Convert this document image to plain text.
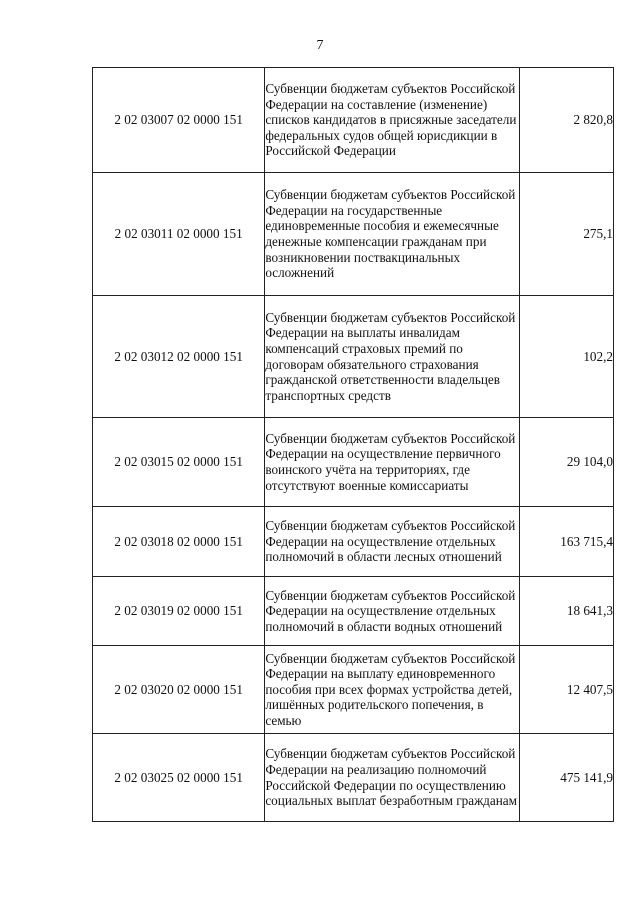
7
2 02 03007 02 0000 151	Субвенции бюджетам субъектов Российской Федерации на составление (изменение) списков кандидатов в присяжные заседатели федеральных судов общей юрисдикции в Российской Федерации	2 820,8
2 02 03011 02 0000 151	Субвенции бюджетам субъектов Российской Федерации на государственные единовременные пособия и ежемесячные денежные компенсации гражданам при возникновении поствакцинальных осложнений	275,1
2 02 03012 02 0000 151	Субвенции бюджетам субъектов Российской Федерации на выплаты инвалидам компенсаций страховых премий по договорам обязательного страхования гражданской ответственности владельцев транспортных средств	102,2
2 02 03015 02 0000 151	Субвенции бюджетам субъектов Российской Федерации на осуществление первичного воинского учёта на территориях, где отсутствуют военные комиссариаты	29 104,0
2 02 03018 02 0000 151	Субвенции бюджетам субъектов Российской Федерации на осуществление отдельных полномочий в области лесных отношений	163 715,4
2 02 03019 02 0000 151	Субвенции бюджетам субъектов Российской Федерации на осуществление отдельных полномочий в области водных отношений	18 641,3
2 02 03020 02 0000 151	Субвенции бюджетам субъектов Российской Федерации на выплату единовременного пособия при всех формах устройства детей, лишённых родительского попечения, в семью	12 407,5
2 02 03025 02 0000 151	Субвенции бюджетам субъектов Российской Федерации на реализацию полномочий Российской Федерации по осуществлению социальных выплат безработным гражданам	475 141,9
